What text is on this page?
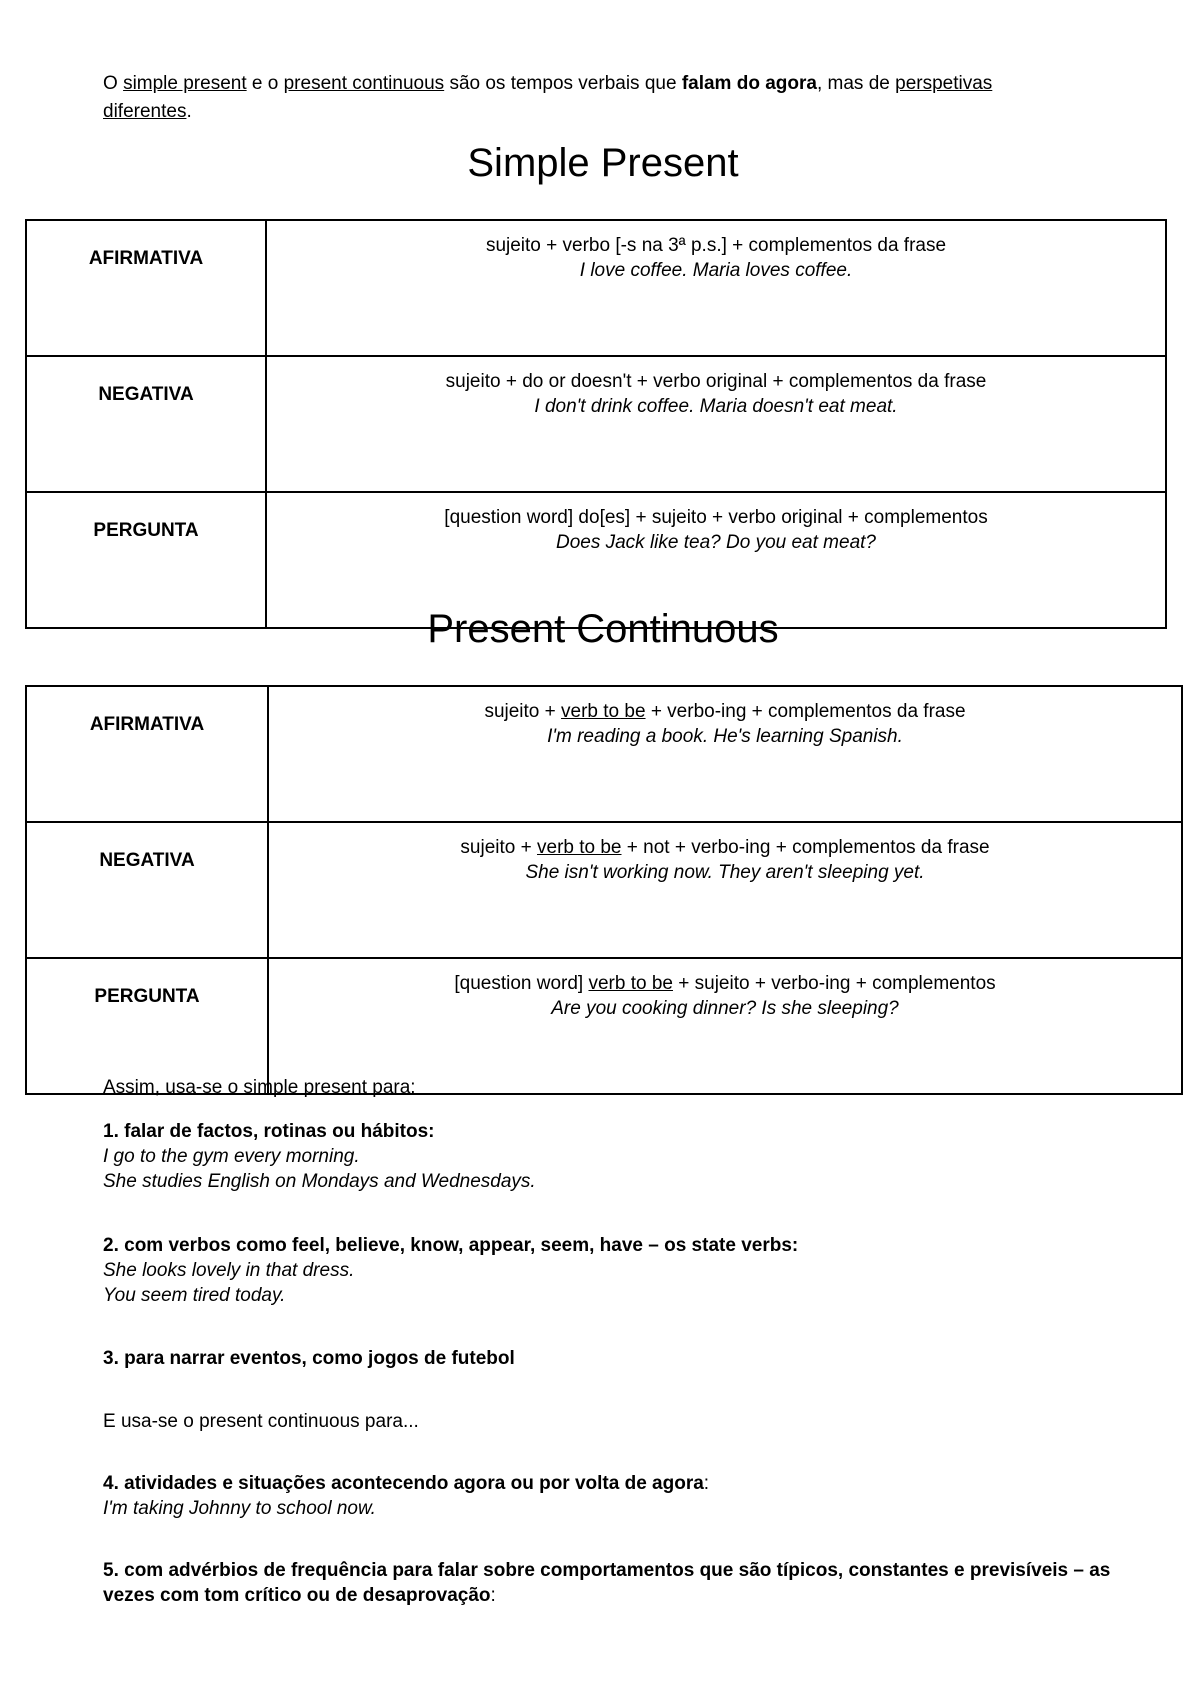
O simple present e o present continuous são os tempos verbais que falam do agora, mas de perspetivas diferentes.
Simple Present
AFIRMATIVA	sujeito + verbo [-s na 3ª p.s.] + complementos da frase
I love coffee. Maria loves coffee.

NEGATIVA	sujeito + do or doesn't + verbo original + complementos da frase
I don't drink coffee. Maria doesn't eat meat.

PERGUNTA	[question word] do[es] + sujeito + verbo original + complementos
Does Jack like tea? Do you eat meat?
Present Continuous
AFIRMATIVA	sujeito + verb to be + verbo-ing + complementos da frase
I'm reading a book. He's learning Spanish.

NEGATIVA	sujeito + verb to be + not + verbo-ing + complementos da frase
She isn't working now. They aren't sleeping yet.

PERGUNTA	[question word] verb to be + sujeito + verbo-ing + complementos
Are you cooking dinner? Is she sleeping?
Assim, usa-se o simple present para:
1. falar de factos, rotinas ou hábitos:
I go to the gym every morning.
She studies English on Mondays and Wednesdays.
2. com verbos como feel, believe, know, appear, seem, have – os state verbs:
She looks lovely in that dress.
You seem tired today.
3. para narrar eventos, como jogos de futebol
E usa-se o present continuous para...
4. atividades e situações acontecendo agora ou por volta de agora:
I'm taking Johnny to school now.
5. com advérbios de frequência para falar sobre comportamentos que são típicos, constantes e previsíveis – as vezes com tom crítico ou de desaprovação:
